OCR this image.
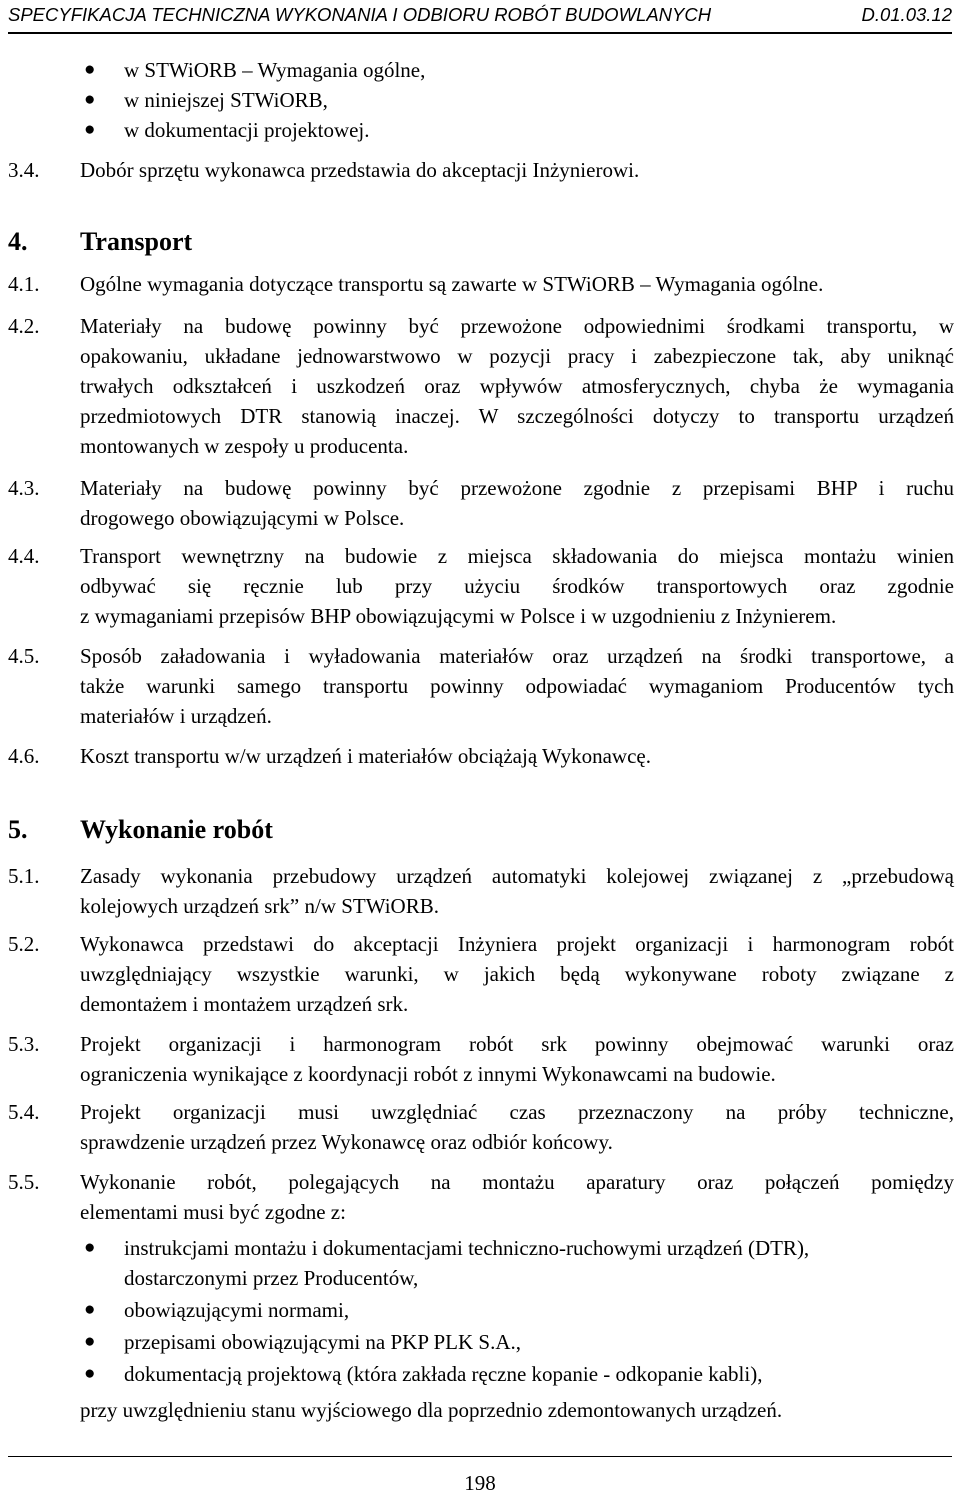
SPECYFIKACJA TECHNICZNA WYKONANIA I ODBIORU ROBÓT BUDOWLANYCH	D.01.03.12
● w STWiORB – Wymagania ogólne,
● w niniejszej STWiORB,
● w dokumentacji projektowej.
3.4. Dobór sprzętu wykonawca przedstawia do akceptacji Inżynierowi.
4. Transport
4.1. Ogólne wymagania dotyczące transportu są zawarte w STWiORB – Wymagania ogólne.
4.2. Materiały na budowę powinny być przewożone odpowiednimi środkami transportu, w
opakowaniu, układane jednowarstwowo w pozycji pracy i zabezpieczone tak, aby uniknąć
trwałych odkształceń i uszkodzeń oraz wpływów atmosferycznych, chyba że wymagania
przedmiotowych DTR stanowią inaczej. W szczególności dotyczy to transportu urządzeń
montowanych w zespoły u producenta.
4.3. Materiały na budowę powinny być przewożone zgodnie z przepisami BHP i ruchu
drogowego obowiązującymi w Polsce.
4.4. Transport wewnętrzny na budowie z miejsca składowania do miejsca montażu winien
odbywać się ręcznie lub przy użyciu środków transportowych oraz zgodnie
z wymaganiami przepisów BHP obowiązującymi w Polsce i w uzgodnieniu z Inżynierem.
4.5. Sposób załadowania i wyładowania materiałów oraz urządzeń na środki transportowe, a
także warunki samego transportu powinny odpowiadać wymaganiom Producentów tych
materiałów i urządzeń.
4.6. Koszt transportu w/w urządzeń i materiałów obciążają Wykonawcę.
5. Wykonanie robót
5.1. Zasady wykonania przebudowy urządzeń automatyki kolejowej związanej z „przebudową
kolejowych urządzeń srk” n/w STWiORB.
5.2. Wykonawca przedstawi do akceptacji Inżyniera projekt organizacji i harmonogram robót
uwzględniający wszystkie warunki, w jakich będą wykonywane roboty związane z
demontażem i montażem urządzeń srk.
5.3. Projekt organizacji i harmonogram robót srk powinny obejmować warunki oraz
ograniczenia wynikające z koordynacji robót z innymi Wykonawcami na budowie.
5.4. Projekt organizacji musi uwzględniać czas przeznaczony na próby techniczne,
sprawdzenie urządzeń przez Wykonawcę oraz odbiór końcowy.
5.5. Wykonanie robót, polegających na montażu aparatury oraz połączeń pomiędzy
elementami musi być zgodne z:
● instrukcjami montażu i dokumentacjami techniczno-ruchowymi urządzeń (DTR),
dostarczonymi przez Producentów,
● obowiązującymi normami,
● przepisami obowiązującymi na PKP PLK S.A.,
● dokumentacją projektową (która zakłada ręczne kopanie - odkopanie kabli),
przy uwzględnieniu stanu wyjściowego dla poprzednio zdemontowanych urządzeń.
198
